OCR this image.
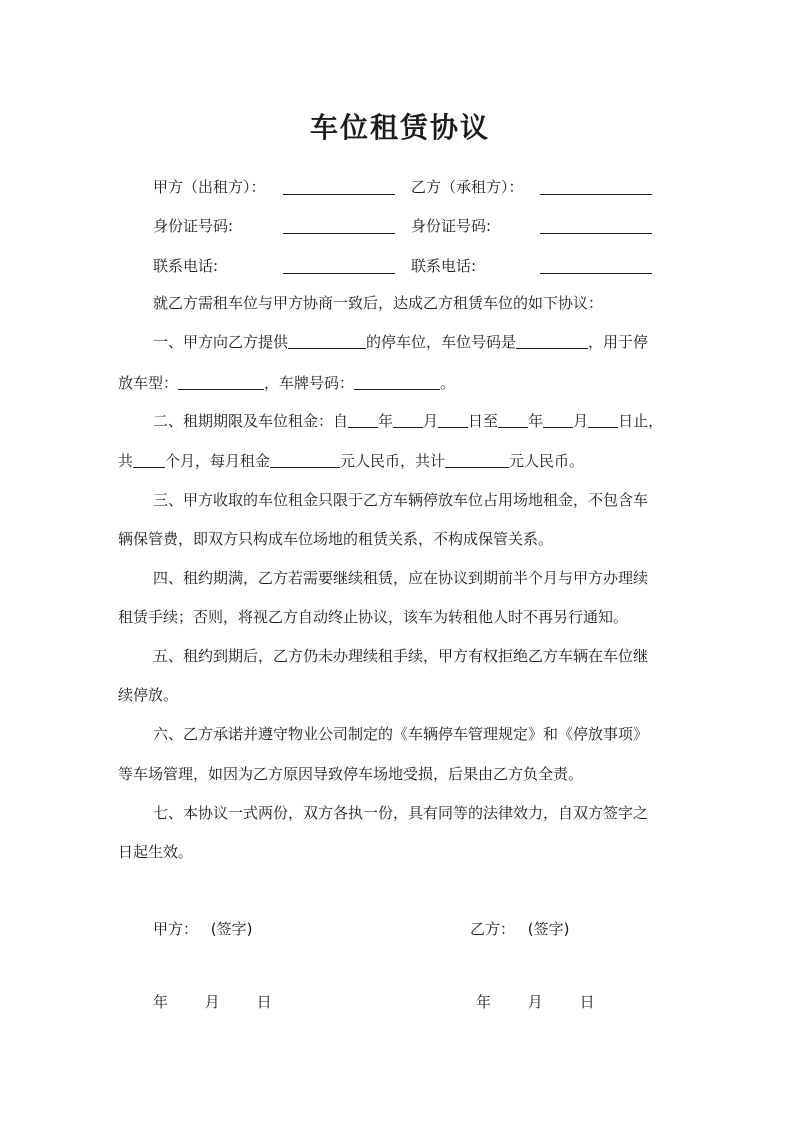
车位租赁协议
甲方（出租方）：	乙方（承租方）：
身份证号码:	身份证号码:
联系电话:	联系电话:
就乙方需租车位与甲方协商一致后，达成乙方租赁车位的如下协议：
一、甲方向乙方提供	的停车位，车位号码是	，用于停
放车型：	，车牌号码：	。
二、租期期限及车位租金：自 年 月 日至 年 月 日止，
共 个月，每月租金	元人民币，共计	元人民币。
三、甲方收取的车位租金只限于乙方车辆停放车位占用场地租金，不包含车
辆保管费，即双方只构成车位场地的租赁关系，不构成保管关系。
四、租约期满，乙方若需要继续租赁，应在协议到期前半个月与甲方办理续
租赁手续；否则，将视乙方自动终止协议，该车为转租他人时不再另行通知。
五、租约到期后，乙方仍未办理续租手续，甲方有权拒绝乙方车辆在车位继
续停放。
六、乙方承诺并遵守物业公司制定的《车辆停车管理规定》和《停放事项》
等车场管理，如因为乙方原因导致停车场地受损，后果由乙方负全责。
七、本协议一式两份，双方各执一份，具有同等的法律效力，自双方签字之
日起生效。
甲方： (签字)	乙方： (签字)
年 月 日	年 月 日
